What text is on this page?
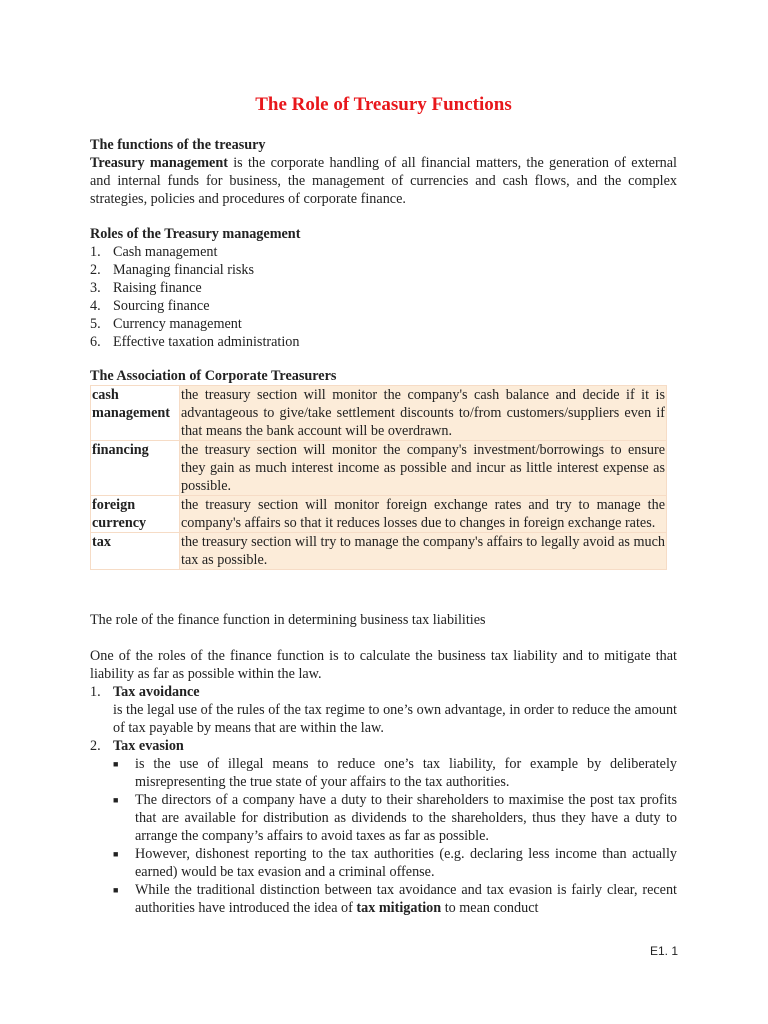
The Role of Treasury Functions
The functions of the treasury
Treasury management is the corporate handling of all financial matters, the generation of external and internal funds for business, the management of currencies and cash flows, and the complex strategies, policies and procedures of corporate finance.
Roles of the Treasury management
1. Cash management
2. Managing financial risks
3. Raising finance
4. Sourcing finance
5. Currency management
6. Effective taxation administration
The Association of Corporate Treasurers
cash management	the treasury section will monitor the company's cash balance and decide if it is advantageous to give/take settlement discounts to/from customers/suppliers even if that means the bank account will be overdrawn.
financing	the treasury section will monitor the company's investment/borrowings to ensure they gain as much interest income as possible and incur as little interest expense as possible.
foreign currency	the treasury section will monitor foreign exchange rates and try to manage the company's affairs so that it reduces losses due to changes in foreign exchange rates.
tax	the treasury section will try to manage the company's affairs to legally avoid as much tax as possible.
The role of the finance function in determining business tax liabilities
One of the roles of the finance function is to calculate the business tax liability and to mitigate that liability as far as possible within the law.
1. Tax avoidance
is the legal use of the rules of the tax regime to one’s own advantage, in order to reduce the amount of tax payable by means that are within the law.
2. Tax evasion
■ is the use of illegal means to reduce one’s tax liability, for example by deliberately misrepresenting the true state of your affairs to the tax authorities.
■ The directors of a company have a duty to their shareholders to maximise the post tax profits that are available for distribution as dividends to the shareholders, thus they have a duty to arrange the company’s affairs to avoid taxes as far as possible.
■ However, dishonest reporting to the tax authorities (e.g. declaring less income than actually earned) would be tax evasion and a criminal offense.
■ While the traditional distinction between tax avoidance and tax evasion is fairly clear, recent authorities have introduced the idea of tax mitigation to mean conduct
E1. 1
